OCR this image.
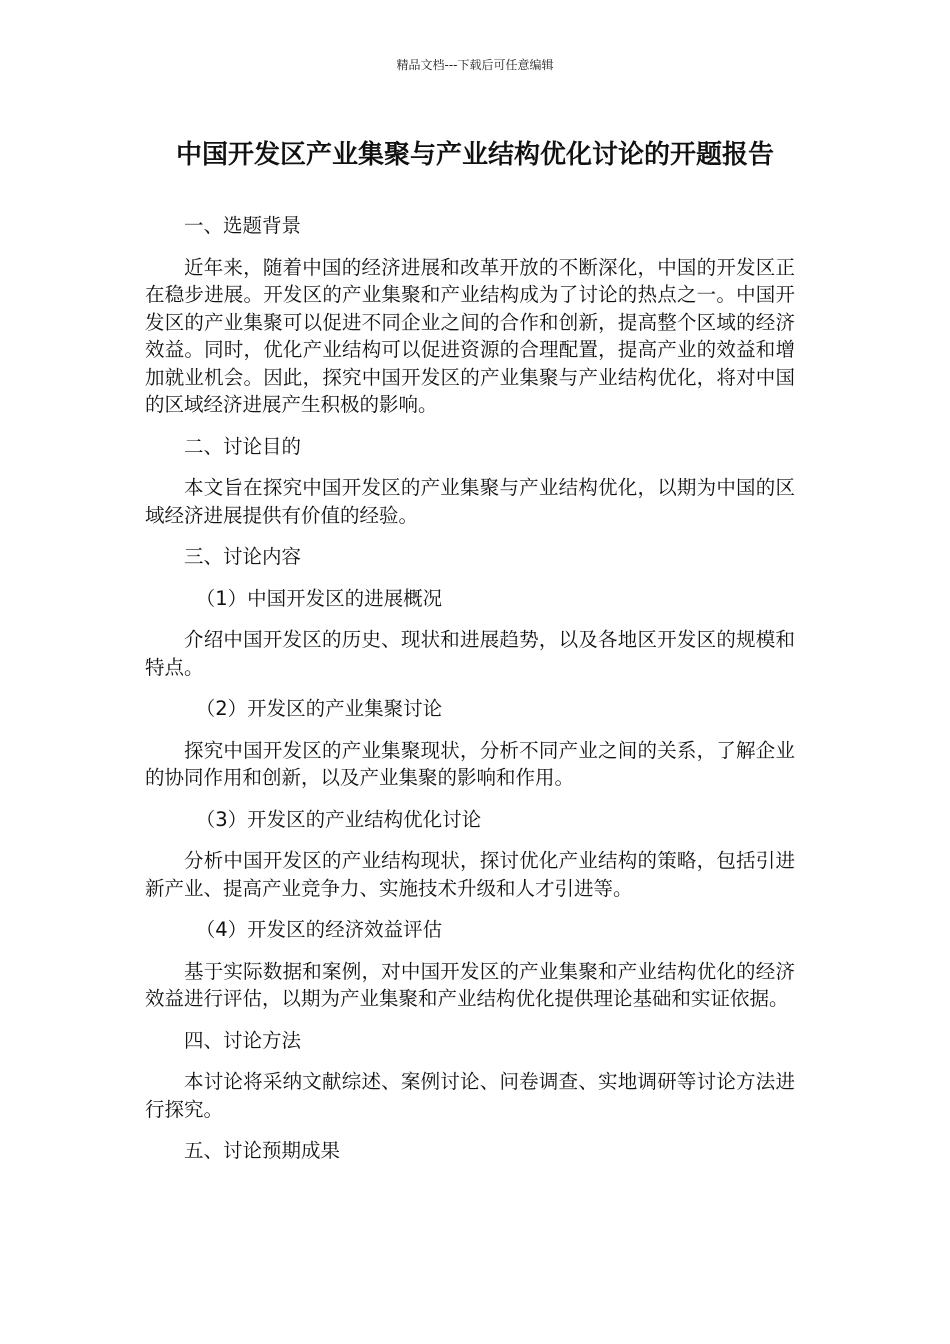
精品文档---下载后可任意编辑
中国开发区产业集聚与产业结构优化讨论的开题报告

一、选题背景

近年来，随着中国的经济进展和改革开放的不断深化，中国的开发区正在稳步进展。开发区的产业集聚和产业结构成为了讨论的热点之一。中国开发区的产业集聚可以促进不同企业之间的合作和创新，提高整个区域的经济效益。同时，优化产业结构可以促进资源的合理配置，提高产业的效益和增加就业机会。因此，探究中国开发区的产业集聚与产业结构优化，将对中国的区域经济进展产生积极的影响。

二、讨论目的

本文旨在探究中国开发区的产业集聚与产业结构优化，以期为中国的区域经济进展提供有价值的经验。

三、讨论内容

（1）中国开发区的进展概况

介绍中国开发区的历史、现状和进展趋势，以及各地区开发区的规模和特点。

（2）开发区的产业集聚讨论

探究中国开发区的产业集聚现状，分析不同产业之间的关系，了解企业的协同作用和创新，以及产业集聚的影响和作用。

（3）开发区的产业结构优化讨论

分析中国开发区的产业结构现状，探讨优化产业结构的策略，包括引进新产业、提高产业竞争力、实施技术升级和人才引进等。

（4）开发区的经济效益评估

基于实际数据和案例，对中国开发区的产业集聚和产业结构优化的经济效益进行评估，以期为产业集聚和产业结构优化提供理论基础和实证依据。

四、讨论方法

本讨论将采纳文献综述、案例讨论、问卷调查、实地调研等讨论方法进行探究。

五、讨论预期成果
